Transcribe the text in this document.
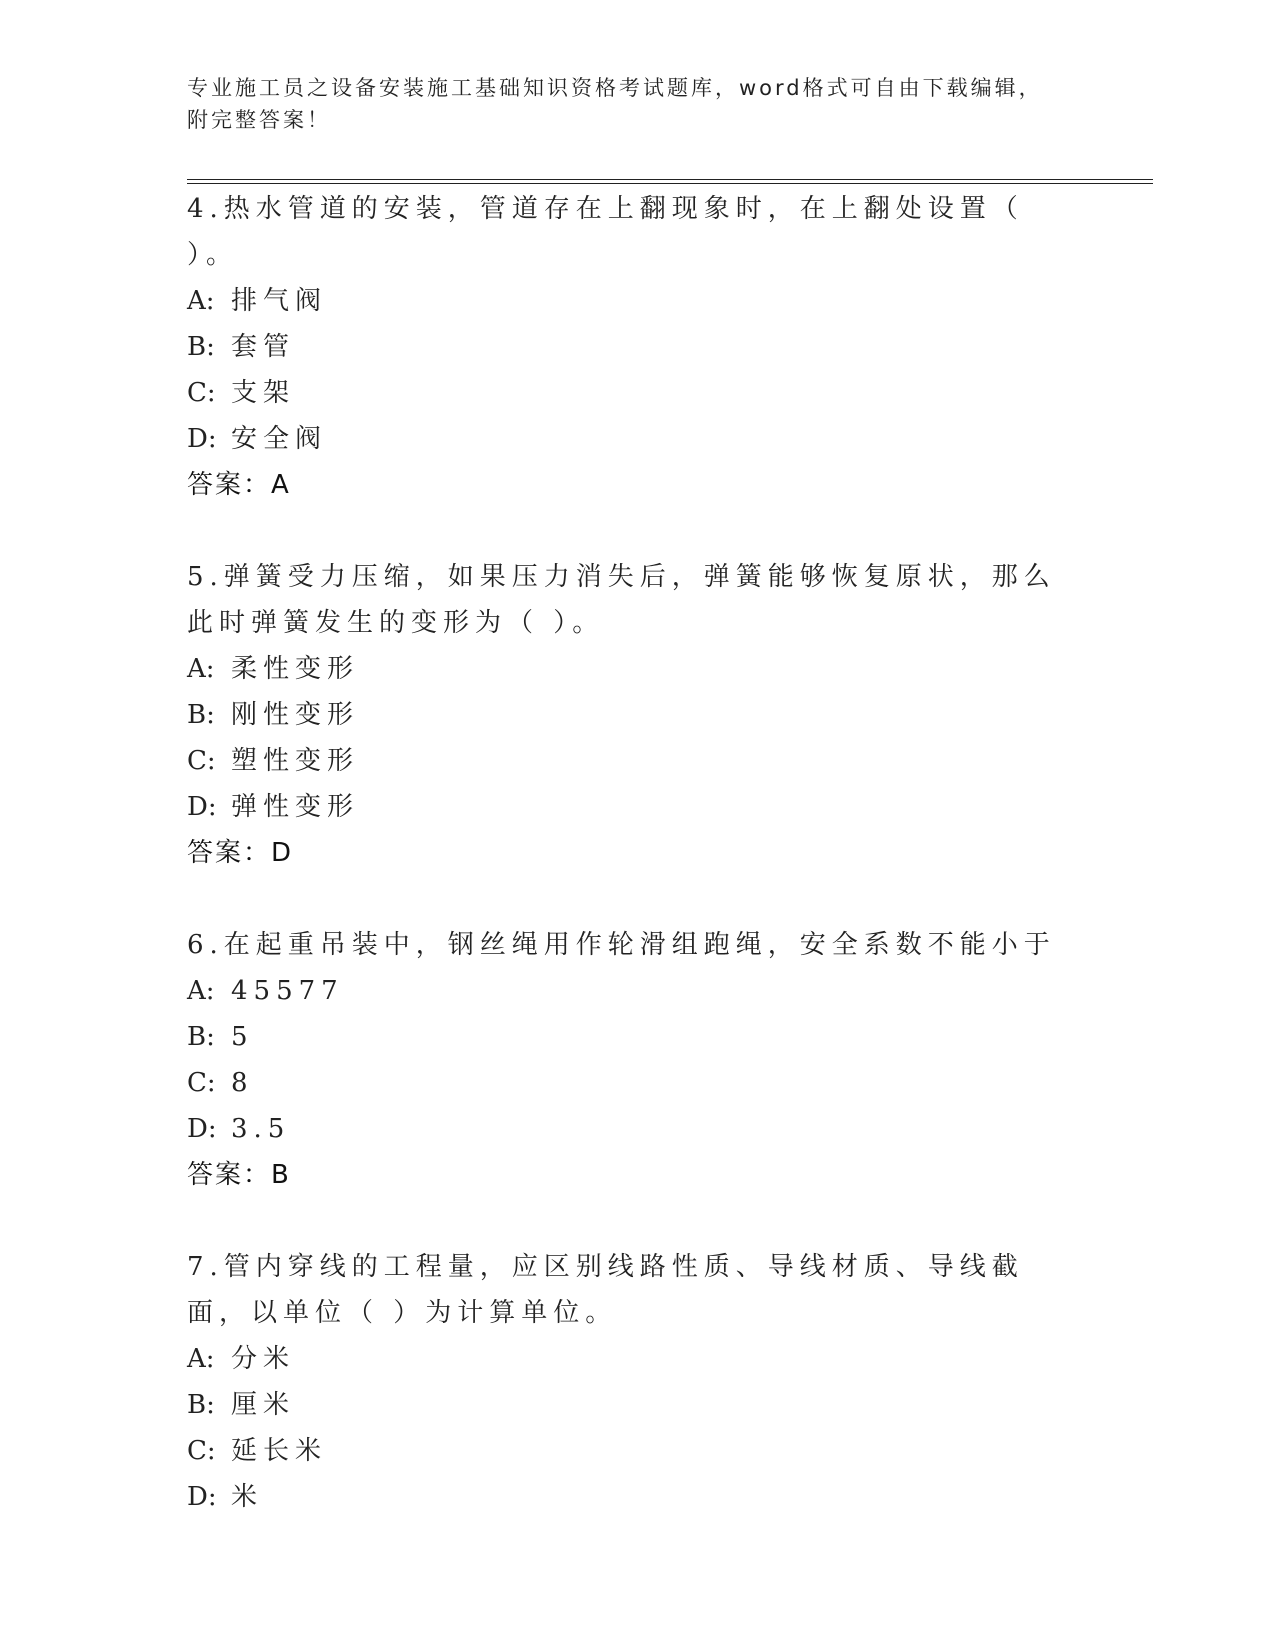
专业施工员之设备安装施工基础知识资格考试题库，word格式可自由下载编辑，
附完整答案！
4.热水管道的安装，管道存在上翻现象时，在上翻处设置（ ）。
A: 排气阀
B: 套管
C: 支架
D: 安全阀
答案：A
5.弹簧受力压缩，如果压力消失后，弹簧能够恢复原状，那么此时弹簧发生的变形为（ ）。
A: 柔性变形
B: 刚性变形
C: 塑性变形
D: 弹性变形
答案：D
6.在起重吊装中，钢丝绳用作轮滑组跑绳，安全系数不能小于
A: 45577
B: 5
C: 8
D: 3.5
答案：B
7.管内穿线的工程量，应区别线路性质、导线材质、导线截面，以单位（ ）为计算单位。
A: 分米
B: 厘米
C: 延长米
D: 米
